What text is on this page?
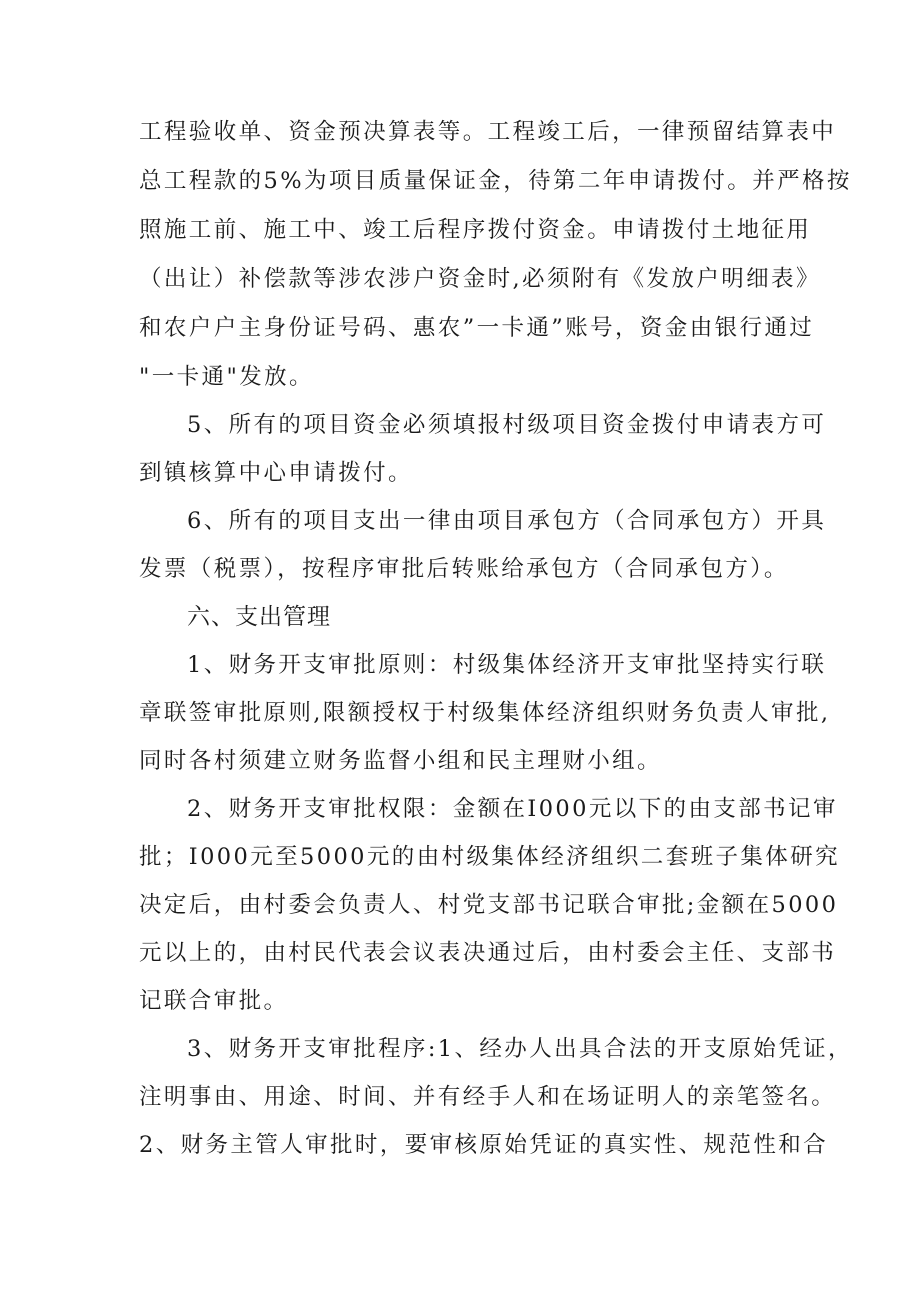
工程验收单、资金预决算表等。工程竣工后，一律预留结算表中
总工程款的5%为项目质量保证金，待第二年申请拨付。并严格按
照施工前、施工中、竣工后程序拨付资金。申请拨付土地征用
（出让）补偿款等涉农涉户资金时,必须附有《发放户明细表》
和农户户主身份证号码、惠农”一卡通”账号，资金由银行通过
"一卡通"发放。
5、所有的项目资金必须填报村级项目资金拨付申请表方可
到镇核算中心申请拨付。
6、所有的项目支出一律由项目承包方（合同承包方）开具
发票（税票），按程序审批后转账给承包方（合同承包方）。
六、支出管理
1、财务开支审批原则：村级集体经济开支审批坚持实行联
章联签审批原则,限额授权于村级集体经济组织财务负责人审批,
同时各村须建立财务监督小组和民主理财小组。
2、财务开支审批权限：金额在I000元以下的由支部书记审
批；I000元至5000元的由村级集体经济组织二套班子集体研究
决定后，由村委会负责人、村党支部书记联合审批;金额在5000
元以上的，由村民代表会议表决通过后，由村委会主任、支部书
记联合审批。
3、财务开支审批程序:1、经办人出具合法的开支原始凭证，
注明事由、用途、时间、并有经手人和在场证明人的亲笔签名。
2、财务主管人审批时，要审核原始凭证的真实性、规范性和合
